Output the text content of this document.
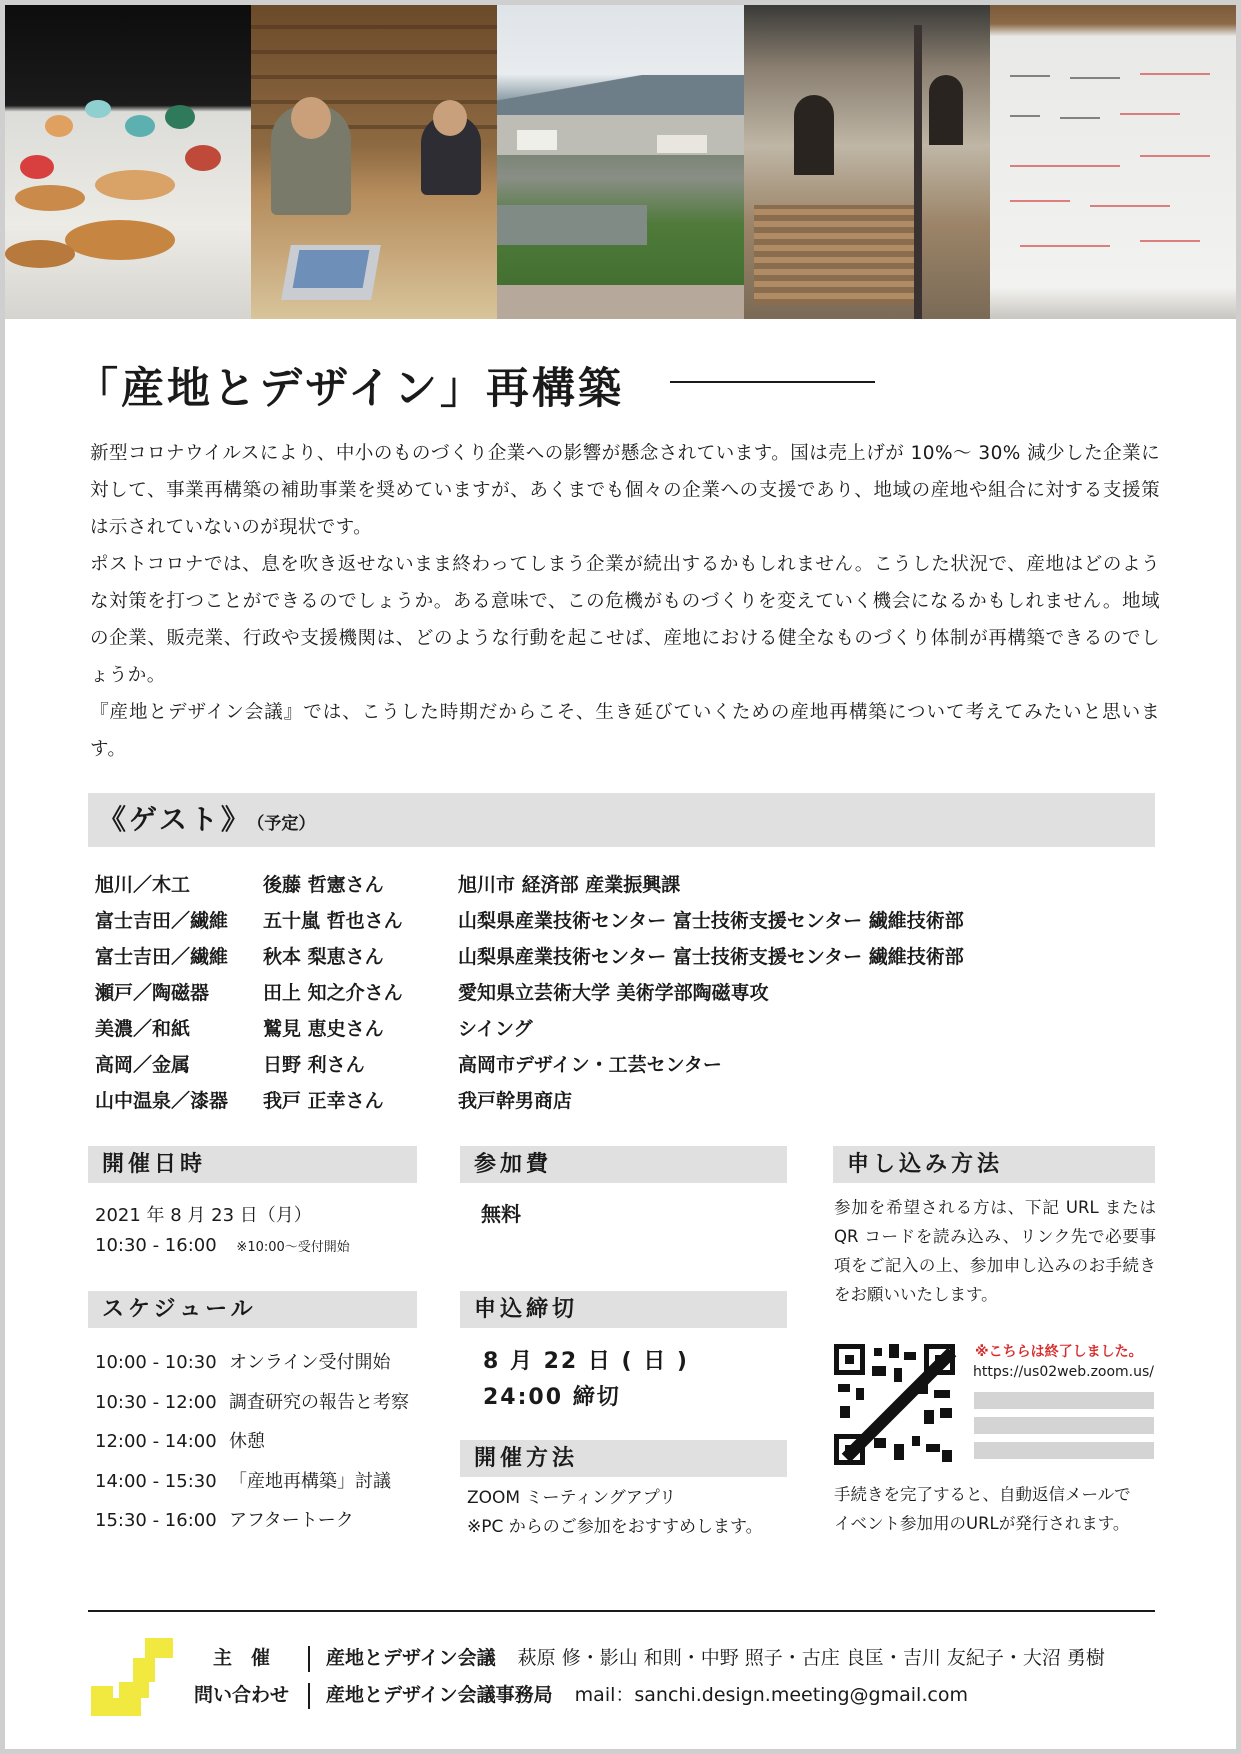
「産地とデザイン」再構築

新型コロナウイルスにより、中小のものづくり企業への影響が懸念されています。国は売上げが 10%～ 30% 減少した企業に対して、事業再構築の補助事業を奨めていますが、あくまでも個々の企業への支援であり、地域の産地や組合に対する支援策は示されていないのが現状です。

ポストコロナでは、息を吹き返せないまま終わってしまう企業が続出するかもしれません。こうした状況で、産地はどのような対策を打つことができるのでしょうか。ある意味で、この危機がものづくりを変えていく機会になるかもしれません。地域の企業、販売業、行政や支援機関は、どのような行動を起こせば、産地における健全なものづくり体制が再構築できるのでしょうか。

『産地とデザイン会議』では、こうした時期だからこそ、生き延びていくための産地再構築について考えてみたいと思います。

《ゲスト》 （予定）
旭川／木工	後藤 哲憲さん	旭川市 経済部 産業振興課
富士吉田／繊維	五十嵐 哲也さん	山梨県産業技術センター 富士技術支援センター 繊維技術部
富士吉田／繊維	秋本 梨恵さん	山梨県産業技術センター 富士技術支援センター 繊維技術部
瀬戸／陶磁器	田上 知之介さん	愛知県立芸術大学 美術学部陶磁専攻
美濃／和紙	鷲見 恵史さん	シイング
高岡／金属	日野 利さん	高岡市デザイン・工芸センター
山中温泉／漆器	我戸 正幸さん	我戸幹男商店
開催日時
2021 年 8 月 23 日（月）
10:30 - 16:00 ※10:00～受付開始
スケジュール
10:00 - 10:30 オンライン受付開始
10:30 - 12:00 調査研究の報告と考察
12:00 - 14:00 休憩
14:00 - 15:30 「産地再構築」討議
15:30 - 16:00 アフタートーク
参加費
無料
申込締切
8 月 22 日 ( 日 )
24:00 締切
開催方法
ZOOM ミーティングアプリ
※PC からのご参加をおすすめします。
申し込み方法
参加を希望される方は、下記 URL または QR コードを読み込み、リンク先で必要事項をご記入の上、参加申し込みのお手続きをお願いいたします。
※こちらは終了しました。
https://us02web.zoom.us/
手続きを完了すると、自動返信メールで
イベント参加用のURLが発行されます。
主　催	産地とデザイン会議 萩原 修・影山 和則・中野 照子・古庄 良匡・吉川 友紀子・大沼 勇樹
問い合わせ 産地とデザイン会議事務局 mail：sanchi.design.meeting@gmail.com
